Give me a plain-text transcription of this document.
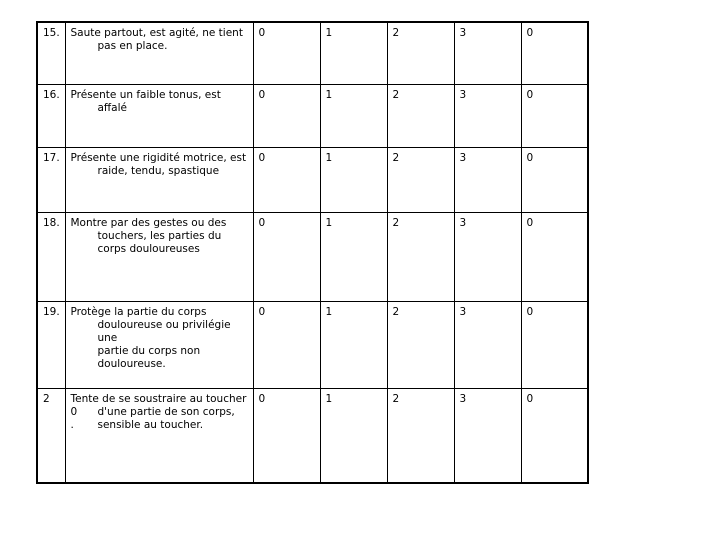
15.	Saute partout, est agité, ne tient
pas en place.	0	1	2	3	0
16.	Présente un faible tonus, est
affalé	0	1	2	3	0
17.	Présente une rigidité motrice, est
raide, tendu, spastique	0	1	2	3	0
18.	Montre par des gestes ou des
touchers, les parties du
corps douloureuses	0	1	2	3	0
19.	Protège la partie du corps
douloureuse ou privilégie une
partie du corps non
douloureuse.	0	1	2	3	0
2	Tente de se soustraire au toucher
0 d'une partie de son corps,
. sensible au toucher.	0	1	2	3	0
